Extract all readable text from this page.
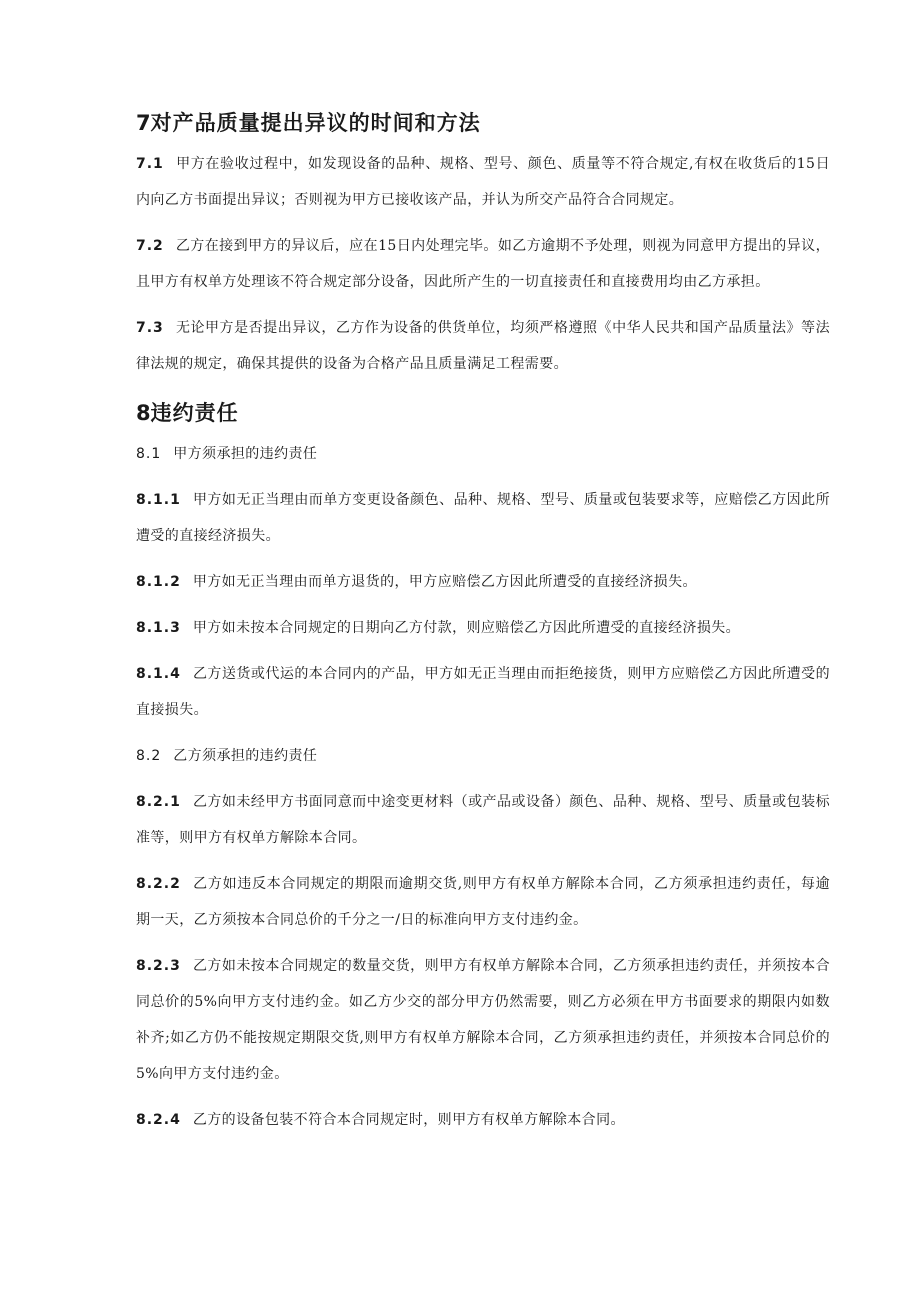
7对产品质量提出异议的时间和方法

7.1 甲方在验收过程中，如发现设备的品种、规格、型号、颜色、质量等不符合规定,有权在收货后的15日内向乙方书面提出异议；否则视为甲方已接收该产品，并认为所交产品符合合同规定。

7.2 乙方在接到甲方的异议后，应在15日内处理完毕。如乙方逾期不予处理，则视为同意甲方提出的异议，且甲方有权单方处理该不符合规定部分设备，因此所产生的一切直接责任和直接费用均由乙方承担。

7.3 无论甲方是否提出异议，乙方作为设备的供货单位，均须严格遵照《中华人民共和国产品质量法》等法律法规的规定，确保其提供的设备为合格产品且质量满足工程需要。

8违约责任

8.1 甲方须承担的违约责任

8.1.1 甲方如无正当理由而单方变更设备颜色、品种、规格、型号、质量或包装要求等，应赔偿乙方因此所遭受的直接经济损失。

8.1.2 甲方如无正当理由而单方退货的，甲方应赔偿乙方因此所遭受的直接经济损失。

8.1.3 甲方如未按本合同规定的日期向乙方付款，则应赔偿乙方因此所遭受的直接经济损失。

8.1.4 乙方送货或代运的本合同内的产品，甲方如无正当理由而拒绝接货，则甲方应赔偿乙方因此所遭受的直接损失。

8.2 乙方须承担的违约责任

8.2.1 乙方如未经甲方书面同意而中途变更材料（或产品或设备）颜色、品种、规格、型号、质量或包装标准等，则甲方有权单方解除本合同。

8.2.2 乙方如违反本合同规定的期限而逾期交货,则甲方有权单方解除本合同，乙方须承担违约责任，每逾期一天，乙方须按本合同总价的千分之一/日的标准向甲方支付违约金。

8.2.3 乙方如未按本合同规定的数量交货，则甲方有权单方解除本合同，乙方须承担违约责任，并须按本合同总价的5%向甲方支付违约金。如乙方少交的部分甲方仍然需要，则乙方必须在甲方书面要求的期限内如数补齐;如乙方仍不能按规定期限交货,则甲方有权单方解除本合同，乙方须承担违约责任，并须按本合同总价的5%向甲方支付违约金。

8.2.4 乙方的设备包装不符合本合同规定时，则甲方有权单方解除本合同。
